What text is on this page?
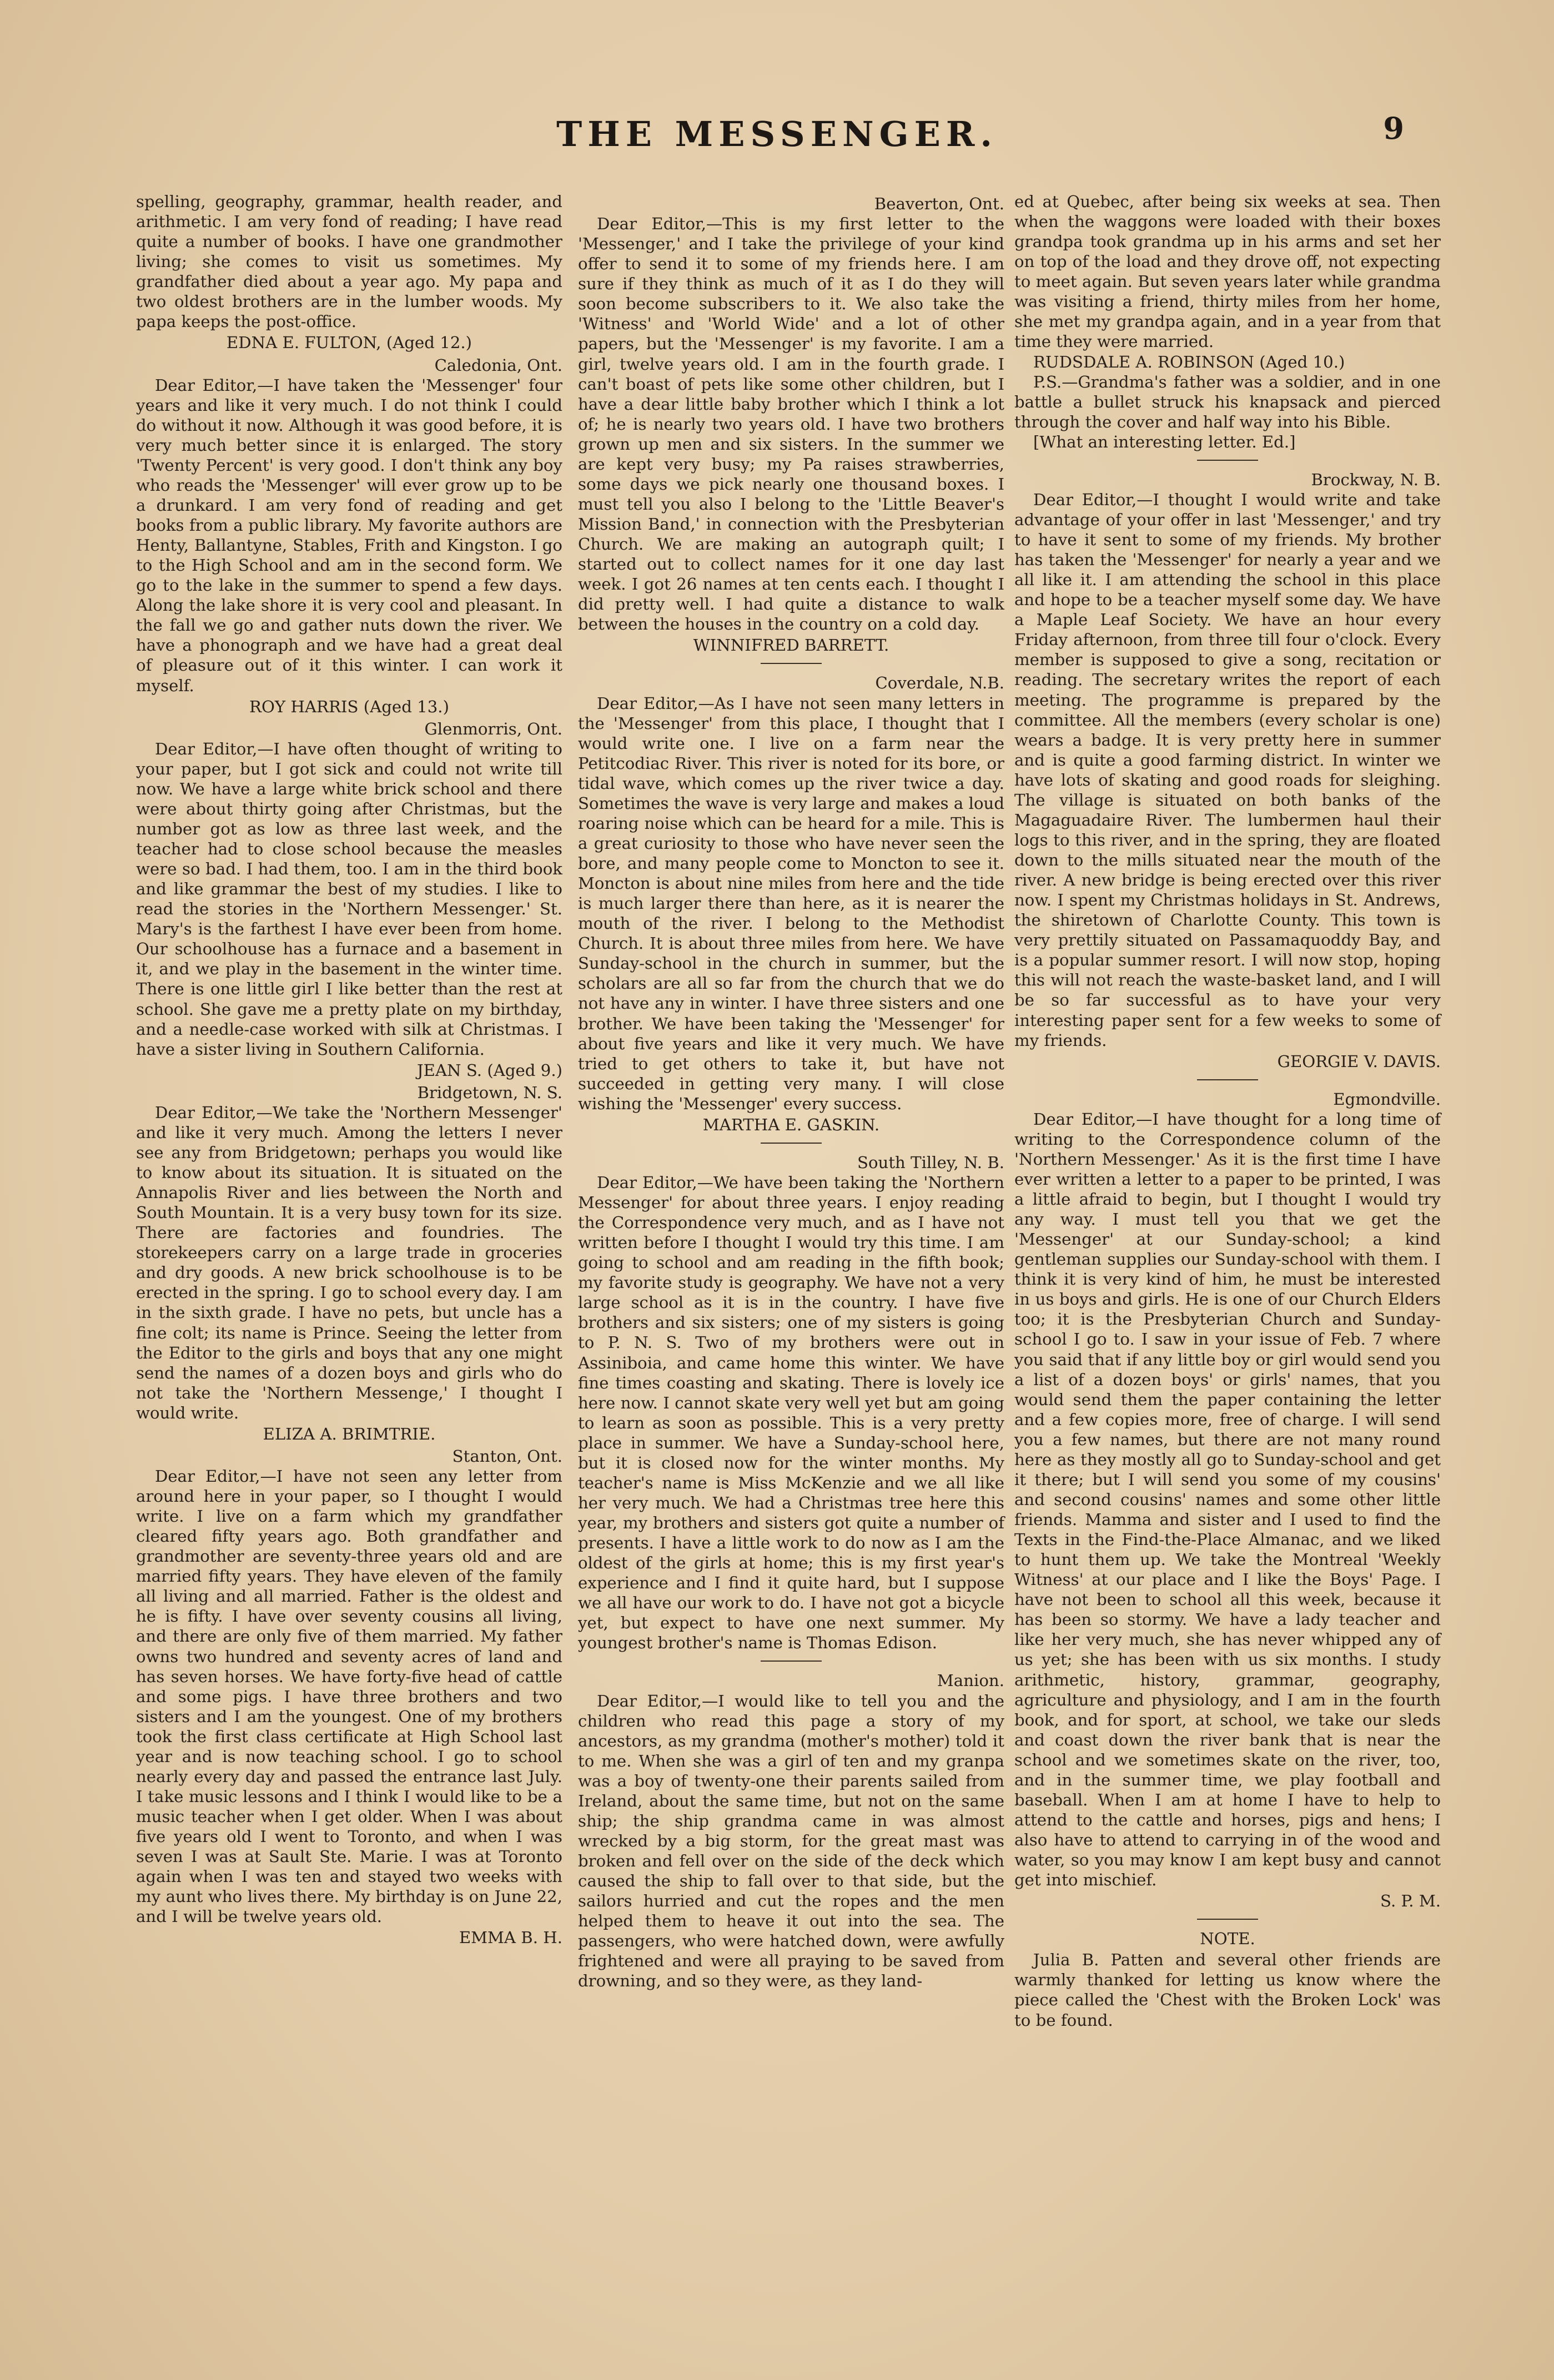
THE MESSENGER.	9

spelling, geography, grammar, health reader, and arithmetic. I am very fond of reading; I have read quite a number of books. I have one grandmother living; she comes to visit us sometimes. My grandfather died about a year ago. My papa and two oldest brothers are in the lumber woods. My papa keeps the post-office.

EDNA E. FULTON, (Aged 12.)

Caledonia, Ont.

Dear Editor,—I have taken the 'Messenger' four years and like it very much. I do not think I could do without it now. Although it was good before, it is very much better since it is enlarged. The story 'Twenty Percent' is very good. I don't think any boy who reads the 'Messenger' will ever grow up to be a drunkard. I am very fond of reading and get books from a public library. My favorite authors are Henty, Ballantyne, Stables, Frith and Kingston. I go to the High School and am in the second form. We go to the lake in the summer to spend a few days. Along the lake shore it is very cool and pleasant. In the fall we go and gather nuts down the river. We have a phonograph and we have had a great deal of pleasure out of it this winter. I can work it myself.

ROY HARRIS (Aged 13.)

Glenmorris, Ont.

Dear Editor,—I have often thought of writing to your paper, but I got sick and could not write till now. We have a large white brick school and there were about thirty going after Christmas, but the number got as low as three last week, and the teacher had to close school because the measles were so bad. I had them, too. I am in the third book and like grammar the best of my studies. I like to read the stories in the 'Northern Messenger.' St. Mary's is the farthest I have ever been from home. Our schoolhouse has a furnace and a basement in it, and we play in the basement in the winter time. There is one little girl I like better than the rest at school. She gave me a pretty plate on my birthday, and a needle-case worked with silk at Christmas. I have a sister living in Southern California.

JEAN S. (Aged 9.)

Bridgetown, N. S.

Dear Editor,—We take the 'Northern Messenger' and like it very much. Among the letters I never see any from Bridgetown; perhaps you would like to know about its situation. It is situated on the Annapolis River and lies between the North and South Mountain. It is a very busy town for its size. There are factories and foundries. The storekeepers carry on a large trade in groceries and dry goods. A new brick schoolhouse is to be erected in the spring. I go to school every day. I am in the sixth grade. I have no pets, but uncle has a fine colt; its name is Prince. Seeing the letter from the Editor to the girls and boys that any one might send the names of a dozen boys and girls who do not take the 'Northern Messenge,' I thought I would write.

ELIZA A. BRIMTRIE.

Stanton, Ont.

Dear Editor,—I have not seen any letter from around here in your paper, so I thought I would write. I live on a farm which my grandfather cleared fifty years ago. Both grandfather and grandmother are seventy-three years old and are married fifty years. They have eleven of the family all living and all married. Father is the oldest and he is fifty. I have over seventy cousins all living, and there are only five of them married. My father owns two hundred and seventy acres of land and has seven horses. We have forty-five head of cattle and some pigs. I have three brothers and two sisters and I am the youngest. One of my brothers took the first class certificate at High School last year and is now teaching school. I go to school nearly every day and passed the entrance last July. I take music lessons and I think I would like to be a music teacher when I get older. When I was about five years old I went to Toronto, and when I was seven I was at Sault Ste. Marie. I was at Toronto again when I was ten and stayed two weeks with my aunt who lives there. My birthday is on June 22, and I will be twelve years old.

EMMA B. H.

Beaverton, Ont.

Dear Editor,—This is my first letter to the 'Messenger,' and I take the privilege of your kind offer to send it to some of my friends here. I am sure if they think as much of it as I do they will soon become subscribers to it. We also take the 'Witness' and 'World Wide' and a lot of other papers, but the 'Messenger' is my favorite. I am a girl, twelve years old. I am in the fourth grade. I can't boast of pets like some other children, but I have a dear little baby brother which I think a lot of; he is nearly two years old. I have two brothers grown up men and six sisters. In the summer we are kept very busy; my Pa raises strawberries, some days we pick nearly one thousand boxes. I must tell you also I belong to the 'Little Beaver's Mission Band,' in connection with the Presbyterian Church. We are making an autograph quilt; I started out to collect names for it one day last week. I got 26 names at ten cents each. I thought I did pretty well. I had quite a distance to walk between the houses in the country on a cold day.

WINNIFRED BARRETT.

Coverdale, N.B.

Dear Editor,—As I have not seen many letters in the 'Messenger' from this place, I thought that I would write one. I live on a farm near the Petitcodiac River. This river is noted for its bore, or tidal wave, which comes up the river twice a day. Sometimes the wave is very large and makes a loud roaring noise which can be heard for a mile. This is a great curiosity to those who have never seen the bore, and many people come to Moncton to see it. Moncton is about nine miles from here and the tide is much larger there than here, as it is nearer the mouth of the river. I belong to the Methodist Church. It is about three miles from here. We have Sunday-school in the church in summer, but the scholars are all so far from the church that we do not have any in winter. I have three sisters and one brother. We have been taking the 'Messenger' for about five years and like it very much. We have tried to get others to take it, but have not succeeded in getting very many. I will close wishing the 'Messenger' every success.

MARTHA E. GASKIN.

South Tilley, N. B.

Dear Editor,—We have been taking the 'Northern Messenger' for about three years. I enjoy reading the Correspondence very much, and as I have not written before I thought I would try this time. I am going to school and am reading in the fifth book; my favorite study is geography. We have not a very large school as it is in the country. I have five brothers and six sisters; one of my sisters is going to P. N. S. Two of my brothers were out in Assiniboia, and came home this winter. We have fine times coasting and skating. There is lovely ice here now. I cannot skate very well yet but am going to learn as soon as possible. This is a very pretty place in summer. We have a Sunday-school here, but it is closed now for the winter months. My teacher's name is Miss McKenzie and we all like her very much. We had a Christmas tree here this year, my brothers and sisters got quite a number of presents. I have a little work to do now as I am the oldest of the girls at home; this is my first year's experience and I find it quite hard, but I suppose we all have our work to do. I have not got a bicycle yet, but expect to have one next summer. My youngest brother's name is Thomas Edison.

Manion.

Dear Editor,—I would like to tell you and the children who read this page a story of my ancestors, as my grandma (mother's mother) told it to me. When she was a girl of ten and my granpa was a boy of twenty-one their parents sailed from Ireland, about the same time, but not on the same ship; the ship grandma came in was almost wrecked by a big storm, for the great mast was broken and fell over on the side of the deck which caused the ship to fall over to that side, but the sailors hurried and cut the ropes and the men helped them to heave it out into the sea. The passengers, who were hatched down, were awfully frightened and were all praying to be saved from drowning, and so they were, as they land-

ed at Quebec, after being six weeks at sea. Then when the waggons were loaded with their boxes grandpa took grandma up in his arms and set her on top of the load and they drove off, not expecting to meet again. But seven years later while grandma was visiting a friend, thirty miles from her home, she met my grandpa again, and in a year from that time they were married.

RUDSDALE A. ROBINSON (Aged 10.)

P.S.—Grandma's father was a soldier, and in one battle a bullet struck his knapsack and pierced through the cover and half way into his Bible.

[What an interesting letter. Ed.]

Brockway, N. B.

Dear Editor,—I thought I would write and take advantage of your offer in last 'Messenger,' and try to have it sent to some of my friends. My brother has taken the 'Messenger' for nearly a year and we all like it. I am attending the school in this place and hope to be a teacher myself some day. We have a Maple Leaf Society. We have an hour every Friday afternoon, from three till four o'clock. Every member is supposed to give a song, recitation or reading. The secretary writes the report of each meeting. The programme is prepared by the committee. All the members (every scholar is one) wears a badge. It is very pretty here in summer and is quite a good farming district. In winter we have lots of skating and good roads for sleighing. The village is situated on both banks of the Magaguadaire River. The lumbermen haul their logs to this river, and in the spring, they are floated down to the mills situated near the mouth of the river. A new bridge is being erected over this river now. I spent my Christmas holidays in St. Andrews, the shiretown of Charlotte County. This town is very prettily situated on Passamaquoddy Bay, and is a popular summer resort. I will now stop, hoping this will not reach the waste-basket land, and I will be so far successful as to have your very interesting paper sent for a few weeks to some of my friends.

GEORGIE V. DAVIS.

Egmondville.

Dear Editor,—I have thought for a long time of writing to the Correspondence column of the 'Northern Messenger.' As it is the first time I have ever written a letter to a paper to be printed, I was a little afraid to begin, but I thought I would try any way. I must tell you that we get the 'Messenger' at our Sunday-school; a kind gentleman supplies our Sunday-school with them. I think it is very kind of him, he must be interested in us boys and girls. He is one of our Church Elders too; it is the Presbyterian Church and Sunday-school I go to. I saw in your issue of Feb. 7 where you said that if any little boy or girl would send you a list of a dozen boys' or girls' names, that you would send them the paper containing the letter and a few copies more, free of charge. I will send you a few names, but there are not many round here as they mostly all go to Sunday-school and get it there; but I will send you some of my cousins' and second cousins' names and some other little friends. Mamma and sister and I used to find the Texts in the Find-the-Place Almanac, and we liked to hunt them up. We take the Montreal 'Weekly Witness' at our place and I like the Boys' Page. I have not been to school all this week, because it has been so stormy. We have a lady teacher and like her very much, she has never whipped any of us yet; she has been with us six months. I study arithmetic, history, grammar, geography, agriculture and physiology, and I am in the fourth book, and for sport, at school, we take our sleds and coast down the river bank that is near the school and we sometimes skate on the river, too, and in the summer time, we play football and baseball. When I am at home I have to help to attend to the cattle and horses, pigs and hens; I also have to attend to carrying in of the wood and water, so you may know I am kept busy and cannot get into mischief.

S. P. M.

NOTE.

Julia B. Patten and several other friends are warmly thanked for letting us know where the piece called the 'Chest with the Broken Lock' was to be found.
